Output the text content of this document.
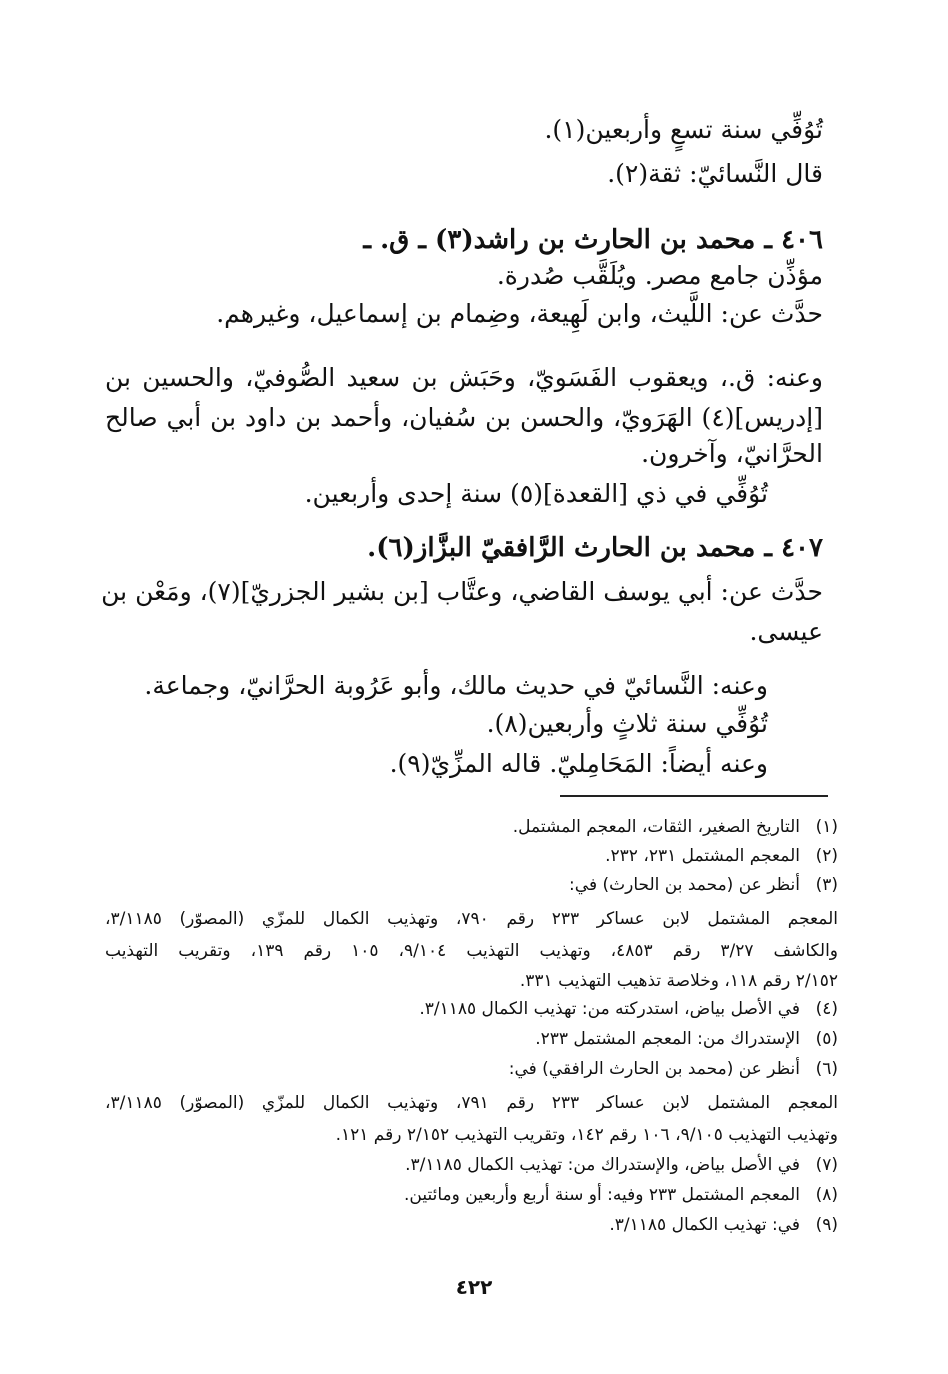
تُوُفِّي سنة تسعٍ وأربعين(١).
قال النَّسائيّ: ثقة(٢).
٤٠٦ ـ محمد بن الحارث بن راشد(٣) ـ ق. ـ
مؤذِّن جامع مصر. ويُلَقَّب صُدرة.
حدَّث عن: اللَّيث، وابن لَهِيعة، وضِمام بن إسماعيل، وغيرهم.
وعنه: ق.، ويعقوب الفَسَويّ، وحَبَش بن سعيد الصُّوفيّ، والحسين بن
[إدريس](٤) الهَرَويّ، والحسن بن سُفيان، وأحمد بن داود بن أبي صالح
الحرَّانيّ، وآخرون.
تُوُفِّي في ذي [القعدة](٥) سنة إحدى وأربعين.
٤٠٧ ـ محمد بن الحارث الرَّافقيّ البزَّاز(٦).
حدَّث عن: أبي يوسف القاضي، وعتَّاب [بن بشير الجزريّ](٧)، ومَعْن بن
عيسى.
وعنه: النَّسائيّ في حديث مالك، وأبو عَرُوبة الحرَّانيّ، وجماعة.
تُوُفِّي سنة ثلاثٍ وأربعين(٨).
وعنه أيضاً: المَحَامِليّ. قاله المزِّيّ(٩).
(١)التاريخ الصغير، الثقات، المعجم المشتمل.
(٢)المعجم المشتمل ٢٣١، ٢٣٢.
(٣)أنظر عن (محمد بن الحارث) في:
المعجم المشتمل لابن عساكر ٢٣٣ رقم ٧٩٠، وتهذيب الكمال للمزّي (المصوّر) ٣/١١٨٥،
والكاشف ٣/٢٧ رقم ٤٨٥٣، وتهذيب التهذيب ٩/١٠٤، ١٠٥ رقم ١٣٩، وتقريب التهذيب
٢/١٥٢ رقم ١١٨، وخلاصة تذهيب التهذيب ٣٣١.
(٤)في الأصل بياض، استدركته من: تهذيب الكمال ٣/١١٨٥.
(٥)الإستدراك من: المعجم المشتمل ٢٣٣.
(٦)أنظر عن (محمد بن الحارث الرافقي) في:
المعجم المشتمل لابن عساكر ٢٣٣ رقم ٧٩١، وتهذيب الكمال للمزّي (المصوّر) ٣/١١٨٥،
وتهذيب التهذيب ٩/١٠٥، ١٠٦ رقم ١٤٢، وتقريب التهذيب ٢/١٥٢ رقم ١٢١.
(٧)في الأصل بياض، والإستدراك من: تهذيب الكمال ٣/١١٨٥.
(٨)المعجم المشتمل ٢٣٣ وفيه: أو سنة أربع وأربعين ومائتين.
(٩)في: تهذيب الكمال ٣/١١٨٥.
٤٢٢
